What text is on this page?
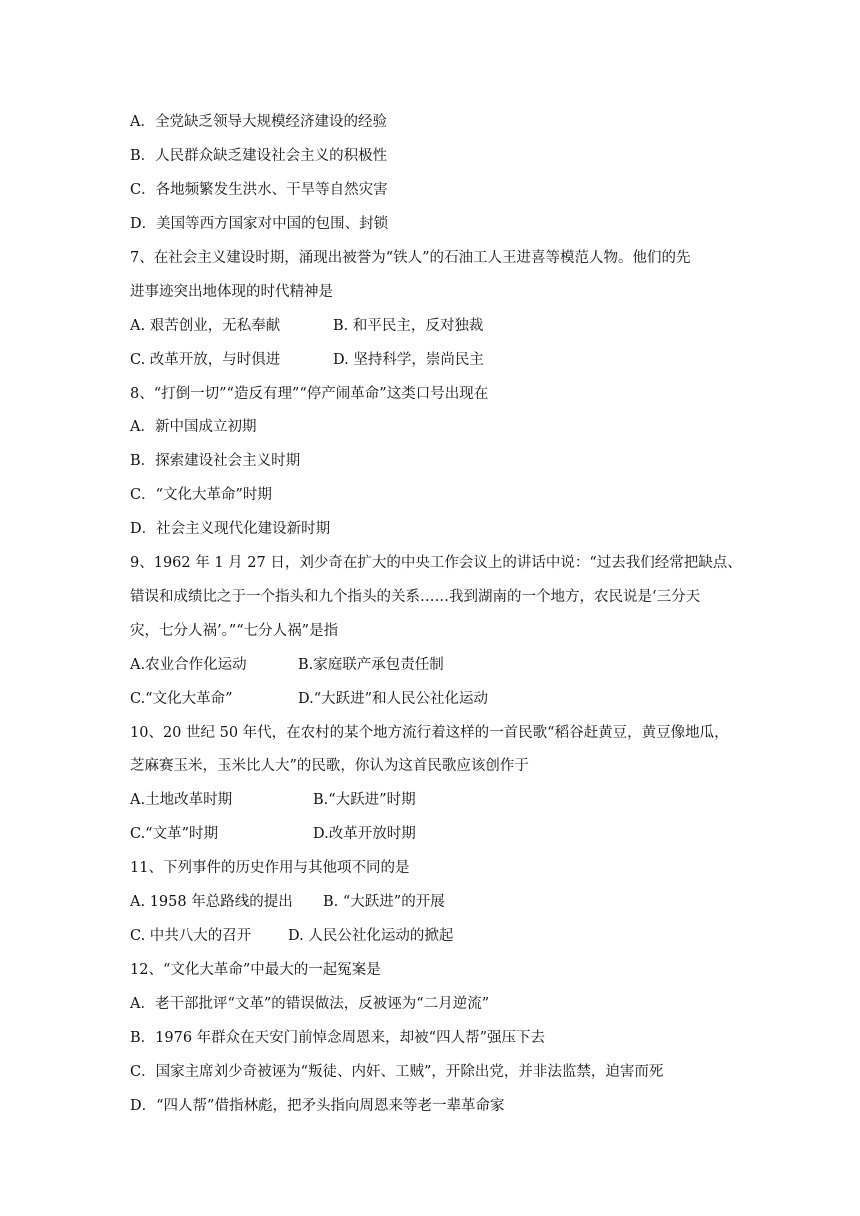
A．全党缺乏领导大规模经济建设的经验
B．人民群众缺乏建设社会主义的积极性
C．各地频繁发生洪水、干旱等自然灾害
D．美国等西方国家对中国的包围、封锁
7、在社会主义建设时期，涌现出被誉为“铁人”的石油工人王进喜等模范人物。他们的先
进事迹突出地体现的时代精神是
A. 艰苦创业，无私奉献	B. 和平民主，反对独裁
C. 改革开放，与时俱进	D. 坚持科学，崇尚民主
8、“打倒一切”“造反有理”“停产闹革命”这类口号出现在
A．新中国成立初期
B．探索建设社会主义时期
C．“文化大革命”时期
D．社会主义现代化建设新时期
9、1962 年 1 月 27 日，刘少奇在扩大的中央工作会议上的讲话中说：“过去我们经常把缺点、
错误和成绩比之于一个指头和九个指头的关系……我到湖南的一个地方，农民说是‘三分天
灾，七分人祸’。”“七分人祸”是指
A.农业合作化运动	B.家庭联产承包责任制
C.“文化大革命”	D.“大跃进”和人民公社化运动
10、20 世纪 50 年代，在农村的某个地方流行着这样的一首民歌“稻谷赶黄豆，黄豆像地瓜，
芝麻赛玉米，玉米比人大”的民歌，你认为这首民歌应该创作于
A.土地改革时期	B.“大跃进”时期
C.“文革”时期	D.改革开放时期
11、下列事件的历史作用与其他项不同的是
A. 1958 年总路线的提出 B. “大跃进”的开展
C. 中共八大的召开	D. 人民公社化运动的掀起
12、“文化大革命”中最大的一起冤案是
A．老干部批评“文革”的错误做法，反被诬为“二月逆流”
B．1976 年群众在天安门前悼念周恩来，却被“四人帮”强压下去
C．国家主席刘少奇被诬为“叛徒、内奸、工贼”，开除出党，并非法监禁，迫害而死
D．“四人帮”借指林彪，把矛头指向周恩来等老一辈革命家
